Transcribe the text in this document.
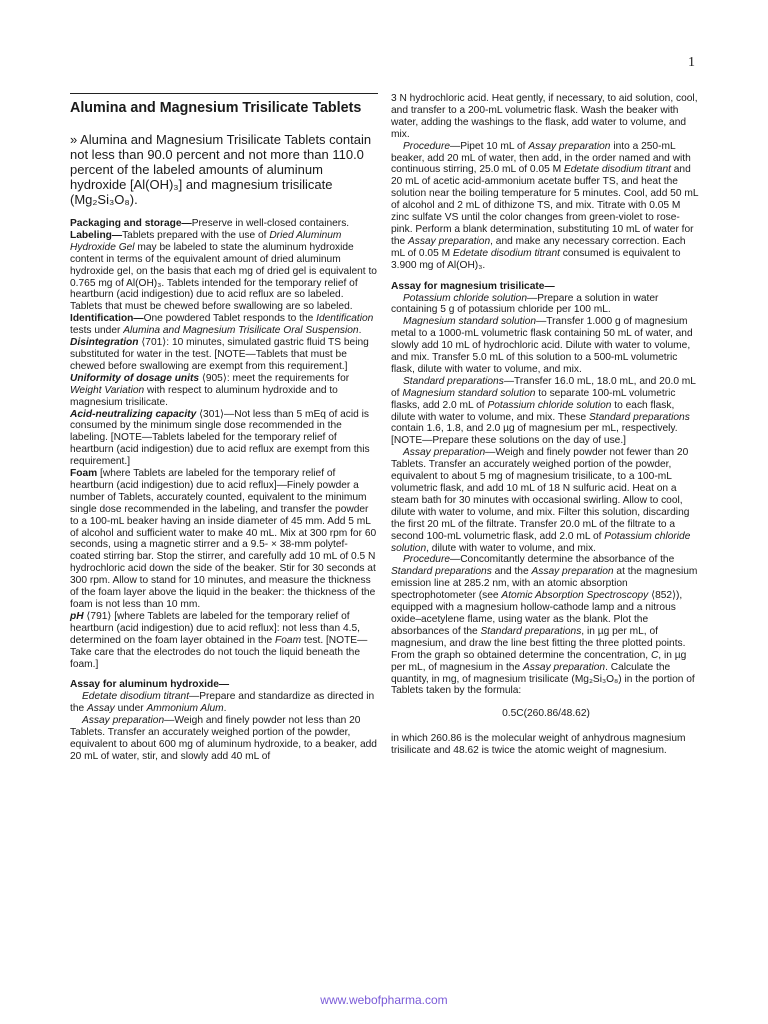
1
Alumina and Magnesium Trisilicate Tablets

» Alumina and Magnesium Trisilicate Tablets contain not less than 90.0 percent and not more than 110.0 percent of the labeled amounts of aluminum hydroxide [Al(OH)₃] and magnesium trisilicate (Mg₂Si₃O₈).

Packaging and storage—Preserve in well-closed containers.

Labeling—Tablets prepared with the use of Dried Aluminum Hydroxide Gel may be labeled to state the aluminum hydroxide content in terms of the equivalent amount of dried aluminum hydroxide gel, on the basis that each mg of dried gel is equivalent to 0.765 mg of Al(OH)₃. Tablets intended for the temporary relief of heartburn (acid indigestion) due to acid reflux are so labeled. Tablets that must be chewed before swallowing are so labeled.

Identification—One powdered Tablet responds to the Identification tests under Alumina and Magnesium Trisilicate Oral Suspension.

Disintegration ⟨701⟩: 10 minutes, simulated gastric fluid TS being substituted for water in the test. [NOTE—Tablets that must be chewed before swallowing are exempt from this requirement.]

Uniformity of dosage units ⟨905⟩: meet the requirements for Weight Variation with respect to aluminum hydroxide and to magnesium trisilicate.

Acid-neutralizing capacity ⟨301⟩—Not less than 5 mEq of acid is consumed by the minimum single dose recommended in the labeling. [NOTE—Tablets labeled for the temporary relief of heartburn (acid indigestion) due to acid reflux are exempt from this requirement.]

Foam [where Tablets are labeled for the temporary relief of heartburn (acid indigestion) due to acid reflux]—Finely powder a number of Tablets, accurately counted, equivalent to the minimum single dose recommended in the labeling, and transfer the powder to a 100-mL beaker having an inside diameter of 45 mm. Add 5 mL of alcohol and sufficient water to make 40 mL. Mix at 300 rpm for 60 seconds, using a magnetic stirrer and a 9.5- × 38-mm polytef-coated stirring bar. Stop the stirrer, and carefully add 10 mL of 0.5 N hydrochloric acid down the side of the beaker. Stir for 30 seconds at 300 rpm. Allow to stand for 10 minutes, and measure the thickness of the foam layer above the liquid in the beaker: the thickness of the foam is not less than 10 mm.

pH ⟨791⟩ [where Tablets are labeled for the temporary relief of heartburn (acid indigestion) due to acid reflux]: not less than 4.5, determined on the foam layer obtained in the Foam test. [NOTE—Take care that the electrodes do not touch the liquid beneath the foam.]

Assay for aluminum hydroxide—

Edetate disodium titrant—Prepare and standardize as directed in the Assay under Ammonium Alum.

Assay preparation—Weigh and finely powder not less than 20 Tablets. Transfer an accurately weighed portion of the powder, equivalent to about 600 mg of aluminum hydroxide, to a beaker, add 20 mL of water, stir, and slowly add 40 mL of

3 N hydrochloric acid. Heat gently, if necessary, to aid solution, cool, and transfer to a 200-mL volumetric flask. Wash the beaker with water, adding the washings to the flask, add water to volume, and mix.

Procedure—Pipet 10 mL of Assay preparation into a 250-mL beaker, add 20 mL of water, then add, in the order named and with continuous stirring, 25.0 mL of 0.05 M Edetate disodium titrant and 20 mL of acetic acid-ammonium acetate buffer TS, and heat the solution near the boiling temperature for 5 minutes. Cool, add 50 mL of alcohol and 2 mL of dithizone TS, and mix. Titrate with 0.05 M zinc sulfate VS until the color changes from green-violet to rose-pink. Perform a blank determination, substituting 10 mL of water for the Assay preparation, and make any necessary correction. Each mL of 0.05 M Edetate disodium titrant consumed is equivalent to 3.900 mg of Al(OH)₃.

Assay for magnesium trisilicate—

Potassium chloride solution—Prepare a solution in water containing 5 g of potassium chloride per 100 mL.

Magnesium standard solution—Transfer 1.000 g of magnesium metal to a 1000-mL volumetric flask containing 50 mL of water, and slowly add 10 mL of hydrochloric acid. Dilute with water to volume, and mix. Transfer 5.0 mL of this solution to a 500-mL volumetric flask, dilute with water to volume, and mix.

Standard preparations—Transfer 16.0 mL, 18.0 mL, and 20.0 mL of Magnesium standard solution to separate 100-mL volumetric flasks, add 2.0 mL of Potassium chloride solution to each flask, dilute with water to volume, and mix. These Standard preparations contain 1.6, 1.8, and 2.0 µg of magnesium per mL, respectively. [NOTE—Prepare these solutions on the day of use.]

Assay preparation—Weigh and finely powder not fewer than 20 Tablets. Transfer an accurately weighed portion of the powder, equivalent to about 5 mg of magnesium trisilicate, to a 100-mL volumetric flask, and add 10 mL of 18 N sulfuric acid. Heat on a steam bath for 30 minutes with occasional swirling. Allow to cool, dilute with water to volume, and mix. Filter this solution, discarding the first 20 mL of the filtrate. Transfer 20.0 mL of the filtrate to a second 100-mL volumetric flask, add 2.0 mL of Potassium chloride solution, dilute with water to volume, and mix.

Procedure—Concomitantly determine the absorbance of the Standard preparations and the Assay preparation at the magnesium emission line at 285.2 nm, with an atomic absorption spectrophotometer (see Atomic Absorption Spectroscopy ⟨852⟩), equipped with a magnesium hollow-cathode lamp and a nitrous oxide–acetylene flame, using water as the blank. Plot the absorbances of the Standard preparations, in µg per mL, of magnesium, and draw the line best fitting the three plotted points. From the graph so obtained determine the concentration, C, in µg per mL, of magnesium in the Assay preparation. Calculate the quantity, in mg, of magnesium trisilicate (Mg₂Si₃O₈) in the portion of Tablets taken by the formula:

0.5C(260.86/48.62)

in which 260.86 is the molecular weight of anhydrous magnesium trisilicate and 48.62 is twice the atomic weight of magnesium.

www.webofpharma.com
